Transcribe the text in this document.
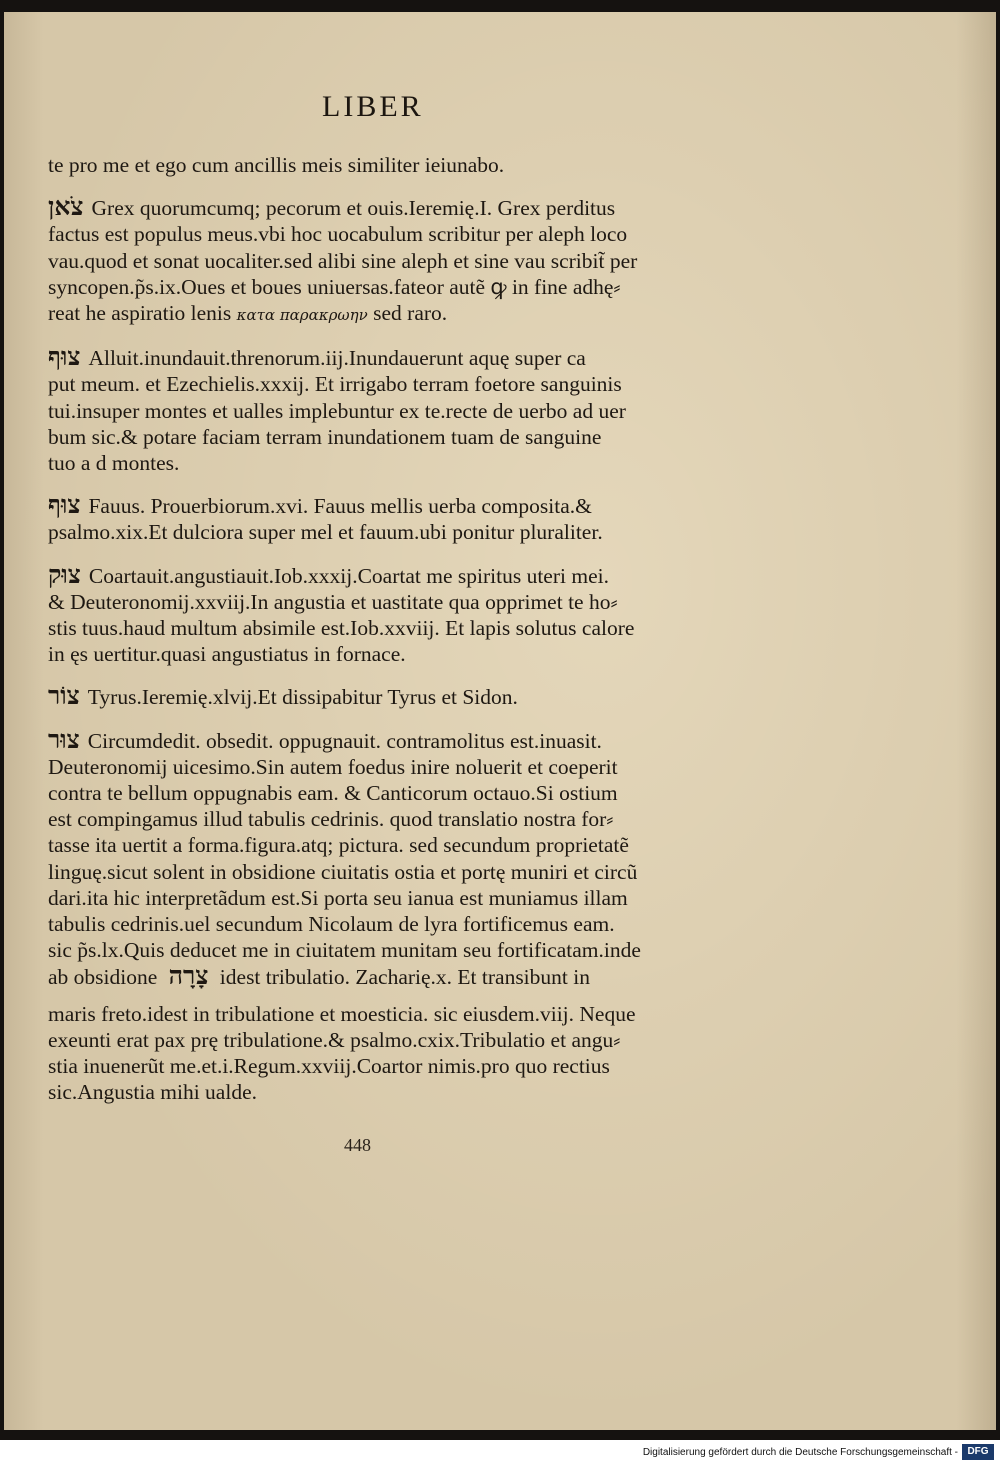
LIBER
te pro me et ego cum ancillis meis similiter ieiunabo.
צֹאן Grex quorumcumq; pecorum et ouis.Ieremię.I. Grex perditus
factus est populus meus.vbi hoc uocabulum scribitur per aleph loco
vau.quod et sonat uocaliter.sed alibi sine aleph et sine vau scribit̃ per
syncopen.p̃s.ix.Oues et boues uniuersas.fateor autẽ ꝙ in fine adhę⸗
reat he aspiratio lenis κατα παρακρωην sed raro.
צוּף Alluit.inundauit.threnorum.iij.Inundauerunt aquę super ca
put meum. et Ezechielis.xxxij. Et irrigabo terram foetore sanguinis
tui.insuper montes et ualles implebuntur ex te.recte de uerbo ad uer
bum sic.& potare faciam terram inundationem tuam de sanguine
tuo a d montes.
צוּף Fauus. Prouerbiorum.xvi. Fauus mellis uerba composita.&
psalmo.xix.Et dulciora super mel et fauum.ubi ponitur pluraliter.
צוּק Coartauit.angustiauit.Iob.xxxij.Coartat me spiritus uteri mei.
& Deuteronomij.xxviij.In angustia et uastitate qua opprimet te ho⸗
stis tuus.haud multum absimile est.Iob.xxviij. Et lapis solutus calore
in ęs uertitur.quasi angustiatus in fornace.
צוֹר Tyrus.Ieremię.xlvij.Et dissipabitur Tyrus et Sidon.
צוּר Circumdedit. obsedit. oppugnauit. contramolitus est.inuasit.
Deuteronomij uicesimo.Sin autem foedus inire noluerit et coeperit
contra te bellum oppugnabis eam. & Canticorum octauo.Si ostium
est compingamus illud tabulis cedrinis. quod translatio nostra for⸗
tasse ita uertit a forma.figura.atq; pictura. sed secundum proprietatẽ
linguę.sicut solent in obsidione ciuitatis ostia et portę muniri et circũ
dari.ita hic interpretãdum est.Si porta seu ianua est muniamus illam
tabulis cedrinis.uel secundum Nicolaum de lyra fortificemus eam.
sic p̃s.lx.Quis deducet me in ciuitatem munitam seu fortificatam.inde
ab obsidione צָרָה idest tribulatio. Zacharię.x. Et transibunt in
maris freto.idest in tribulatione et moesticia. sic eiusdem.viij. Neque
exeunti erat pax prę tribulatione.& psalmo.cxix.Tribulatio et angu⸗
stia inuenerũt me.et.i.Regum.xxviij.Coartor nimis.pro quo rectius
sic.Angustia mihi ualde.
448
Digitalisierung gefördert durch die Deutsche Forschungsgemeinschaft - DFG
